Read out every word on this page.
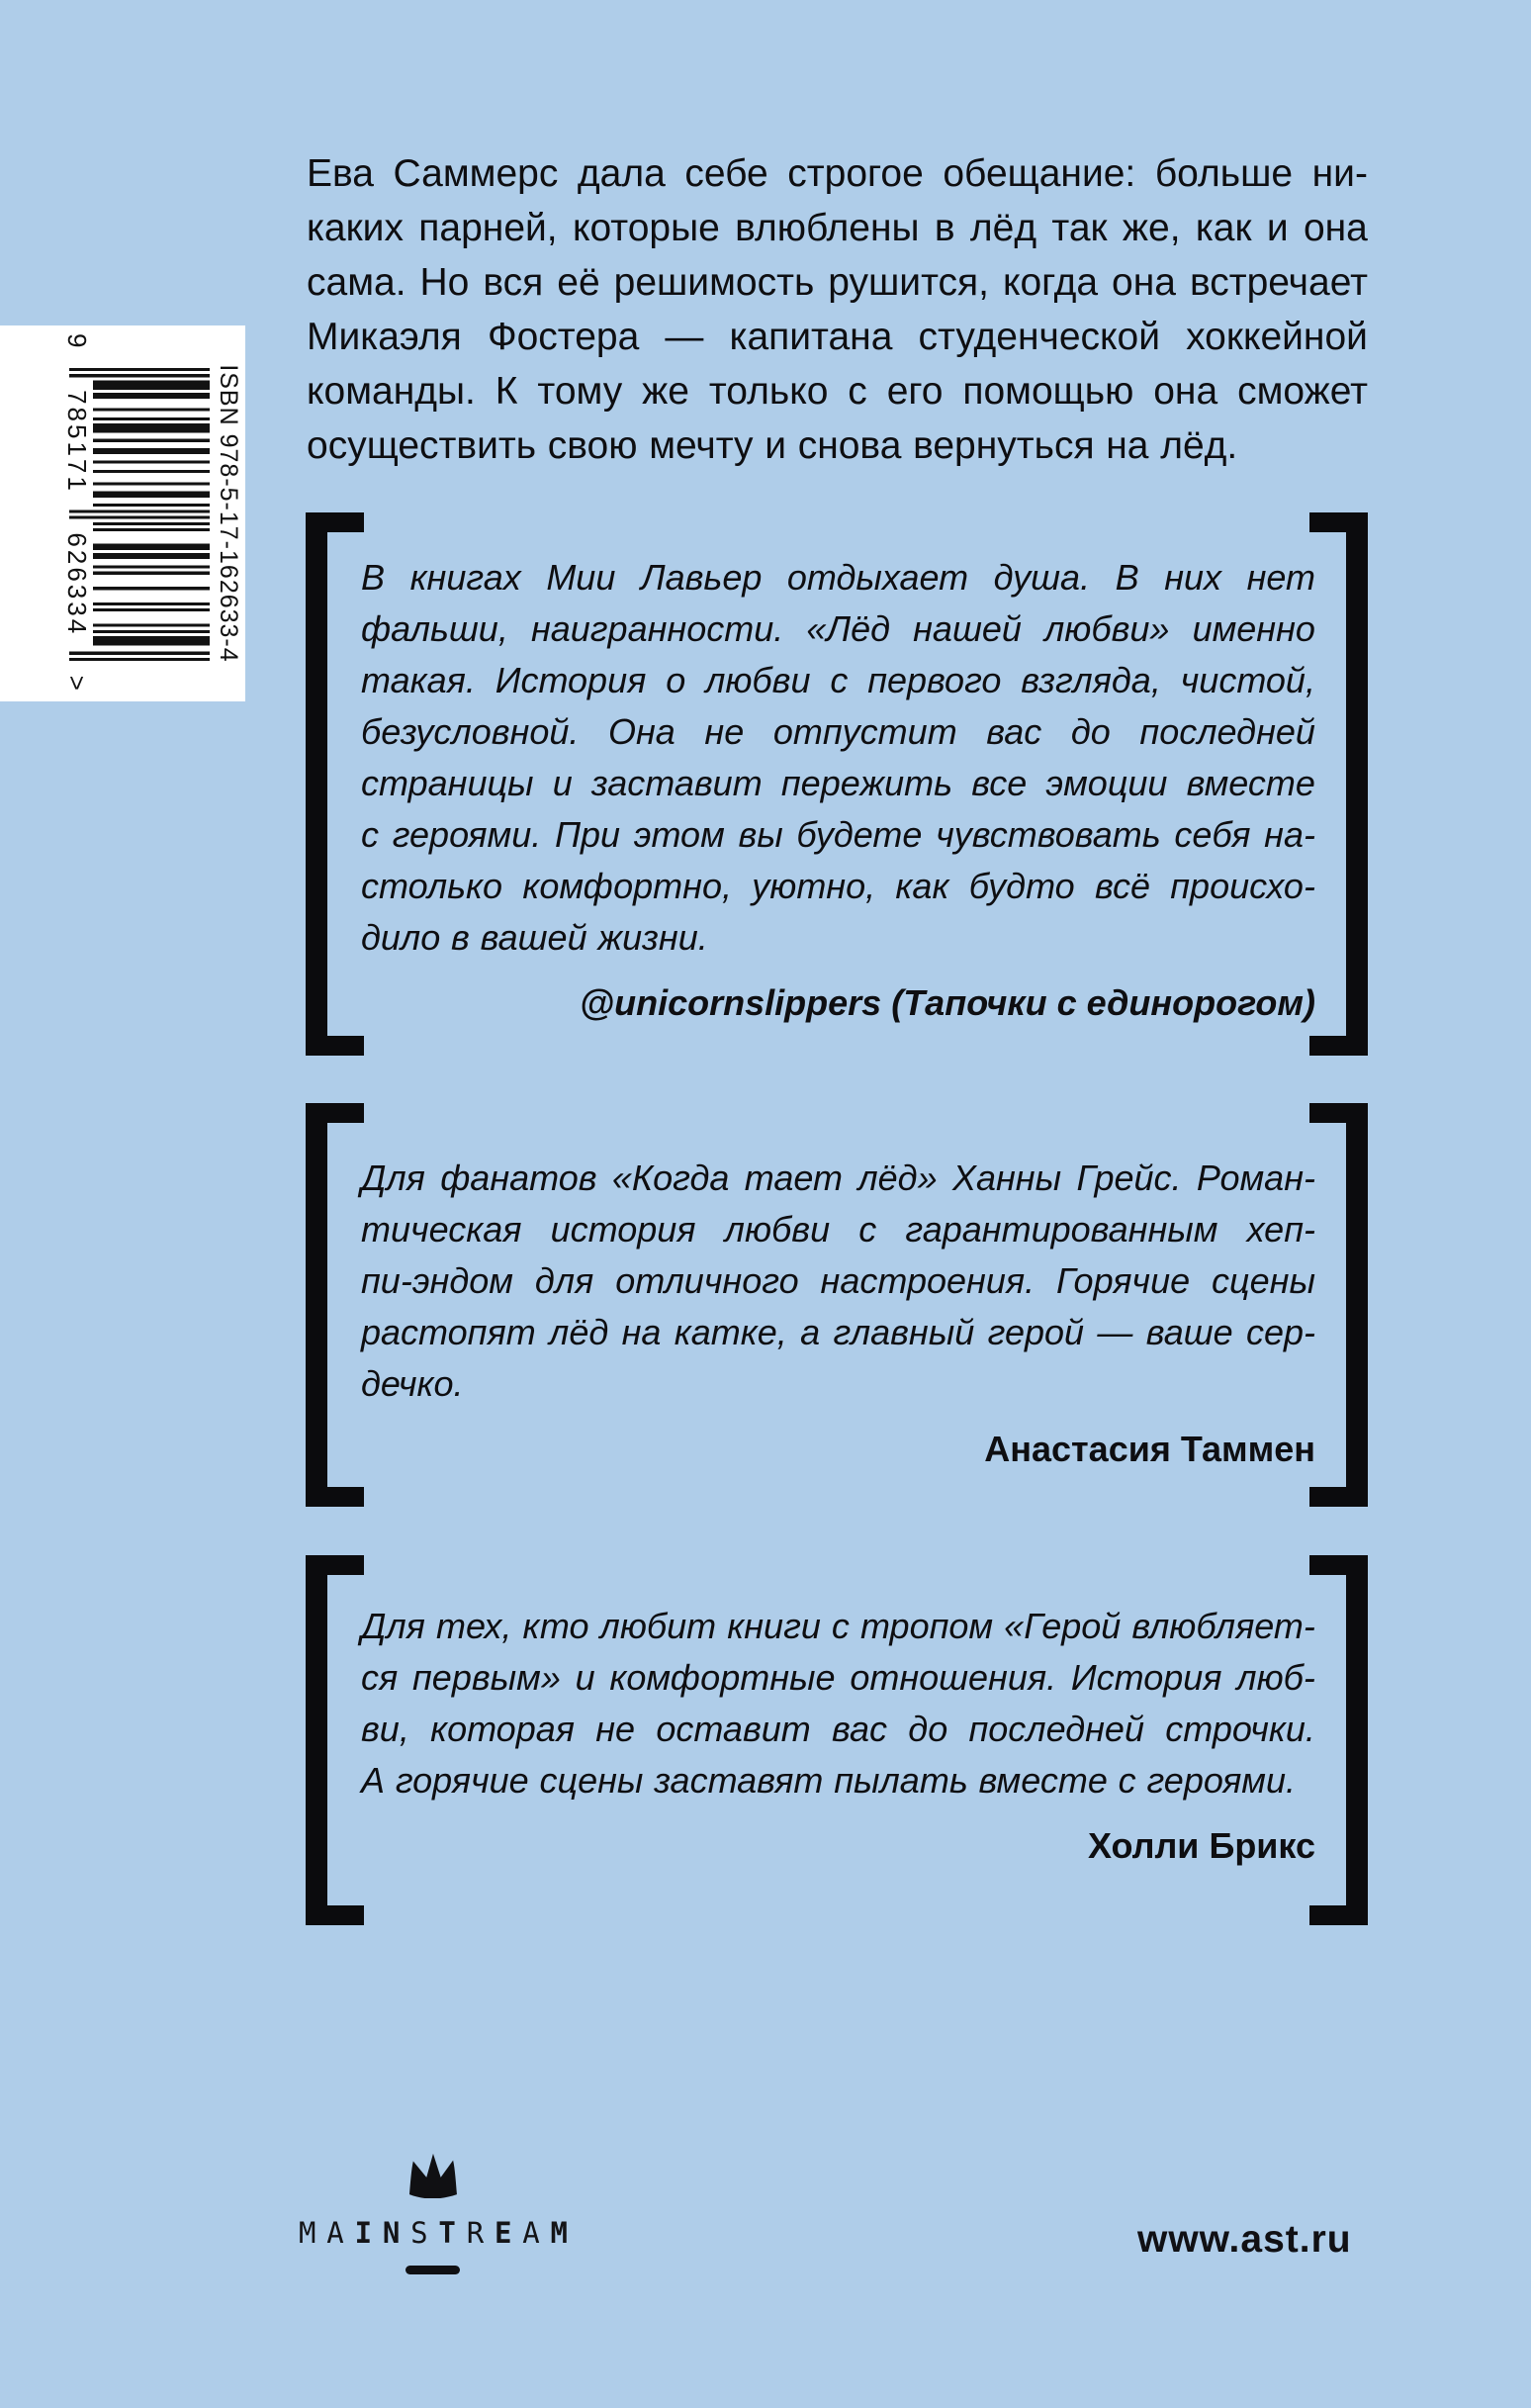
ISBN 978-5-17-162633-4
9
785171
626334
>
Ева Саммерс дала себе строгое обещание: больше ни-
каких парней, которые влюблены в лёд так же, как и она
сама. Но вся её решимость рушится, когда она встречает
Микаэля Фостера — капитана студенческой хоккейной
команды. К тому же только с его помощью она сможет
осуществить свою мечту и снова вернуться на лёд.
В книгах Мии Лавьер отдыхает душа. В них нет
фальши, наигранности. «Лёд нашей любви» именно
такая. История о любви с первого взгляда, чистой,
безусловной. Она не отпустит вас до последней
страницы и заставит пережить все эмоции вместе
с героями. При этом вы будете чувствовать себя на-
столько комфортно, уютно, как будто всё происхо-
дило в вашей жизни.
@unicornslippers (Тапочки с единорогом)
Для фанатов «Когда тает лёд» Ханны Грейс. Роман-
тическая история любви с гарантированным хеп-
пи-эндом для отличного настроения. Горячие сцены
растопят лёд на катке, а главный герой — ваше сер-
дечко.
Анастасия Таммен
Для тех, кто любит книги с тропом «Герой влюбляет-
ся первым» и комфортные отношения. История люб-
ви, которая не оставит вас до последней строчки.
А горячие сцены заставят пылать вместе с героями.
Холли Брикс
M A I N S T R E A M	www.ast.ru
